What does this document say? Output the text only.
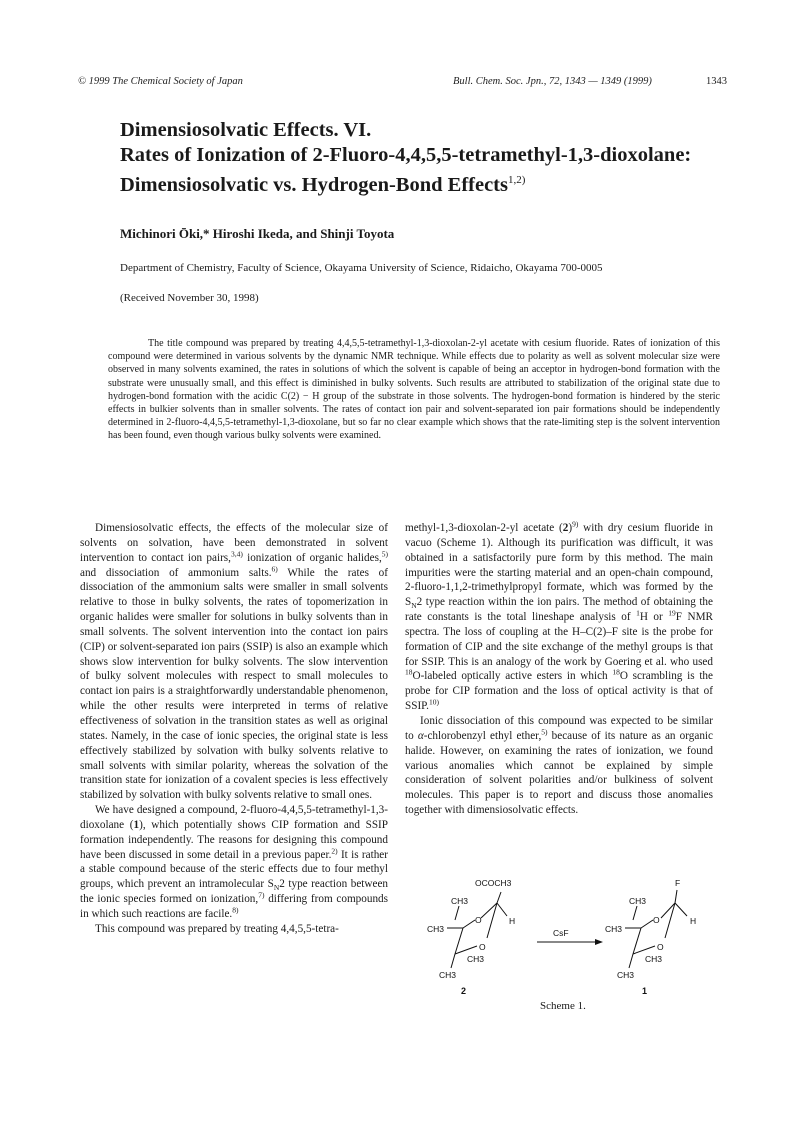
© 1999 The Chemical Society of Japan	Bull. Chem. Soc. Jpn., 72, 1343 — 1349 (1999)	1343
Dimensiosolvatic Effects. VI.
Rates of Ionization of 2-Fluoro-4,4,5,5-tetramethyl-1,3-dioxolane:
Dimensiosolvatic vs. Hydrogen-Bond Effects$^{1,2)}$
Michinori Ōki,* Hiroshi Ikeda, and Shinji Toyota
Department of Chemistry, Faculty of Science, Okayama University of Science, Ridaicho, Okayama 700-0005
(Received November 30, 1998)
The title compound was prepared by treating 4,4,5,5-tetramethyl-1,3-dioxolan-2-yl acetate with cesium fluoride. Rates of ionization of this compound were determined in various solvents by the dynamic NMR technique. While effects due to polarity as well as solvent molecular size were observed in many solvents examined, the rates in solutions of which the solvent is capable of being an acceptor in hydrogen-bond formation with the substrate were unusually small, and this effect is diminished in bulky solvents. Such results are attributed to stabilization of the original state due to hydrogen-bond formation with the acidic C(2) − H group of the substrate in those solvents. The hydrogen-bond formation is hindered by the steric effects in bulkier solvents than in smaller solvents. The rates of contact ion pair and solvent-separated ion pair formations should be independently determined in 2-fluoro-4,4,5,5-tetramethyl-1,3-dioxolane, but so far no clear example which shows that the rate-limiting step is the solvent intervention has been found, even though various bulky solvents were examined.

Dimensiosolvatic effects, the effects of the molecular size of solvents on solvation, have been demonstrated in solvent intervention to contact ion pairs,$^{3,4)}$ ionization of organic halides,$^{5)}$ and dissociation of ammonium salts.$^{6)}$ While the rates of dissociation of the ammonium salts were smaller in small solvents relative to those in bulky solvents, the rates of topomerization in organic halides were smaller for solutions in bulky solvents than in small solvents. The solvent intervention into the contact ion pairs (CIP) or solvent-separated ion pairs (SSIP) is also an example which shows slow intervention for bulky solvents. The slow intervention of bulky solvent molecules with respect to small molecules to contact ion pairs is a straightforwardly understandable phenomenon, while the other results were interpreted in terms of relative effectiveness of solvation in the transition states as well as original states. Namely, in the case of ionic species, the original state is less effectively stabilized by solvation with bulky solvents relative to small solvents with similar polarity, whereas the solvation of the transition state for ionization of a covalent species is less effectively stabilized by solvation with bulky solvents relative to small ones.

We have designed a compound, 2-fluoro-4,4,5,5-tetramethyl-1,3-dioxolane (1), which potentially shows CIP formation and SSIP formation independently. The reasons for designing this compound have been discussed in some detail in a previous paper.$^{2)}$ It is rather a stable compound because of the steric effects due to four methyl groups, which prevent an intramolecular $S_N2$ type reaction between the ionic species formed on ionization,$^{7)}$ differing from compounds in which such reactions are facile.$^{8)}$

This compound was prepared by treating 4,4,5,5-tetra-

methyl-1,3-dioxolan-2-yl acetate $(2)^{9)}$ with dry cesium fluoride in vacuo (Scheme 1). Although its purification was difficult, it was obtained in a satisfactorily pure form by this method. The main impurities were the starting material and an open-chain compound, 2-fluoro-1,1,2-trimethylpropyl formate, which was formed by the $S_N2$ type reaction within the ion pairs. The method of obtaining the rate constants is the total lineshape analysis of $^1$H or $^{19}$F NMR spectra. The loss of coupling at the H–C(2)–F site is the probe for formation of CIP and the site exchange of the methyl groups is that for SSIP. This is an analogy of the work by Goering et al. who used $^{18}$O-labeled optically active esters in which $^{18}$O scrambling is the probe for CIP formation and the loss of optical activity is that of SSIP.$^{10)}$

Ionic dissociation of this compound was expected to be similar to α-chlorobenzyl ethyl ether,$^{5)}$ because of its nature as an organic halide. However, on examining the rates of ionization, we found various anomalies which cannot be explained by simple consideration of solvent polarities and/or bulkiness of solvent molecules. This paper is to report and discuss those anomalies together with dimensiosolvatic effects.

OCOCH3
CH3
CH3
O	H
O
CH3
CH3
2
CsF
F
CH3
CH3
O	H
O
CH3
CH3
1
Scheme 1.
